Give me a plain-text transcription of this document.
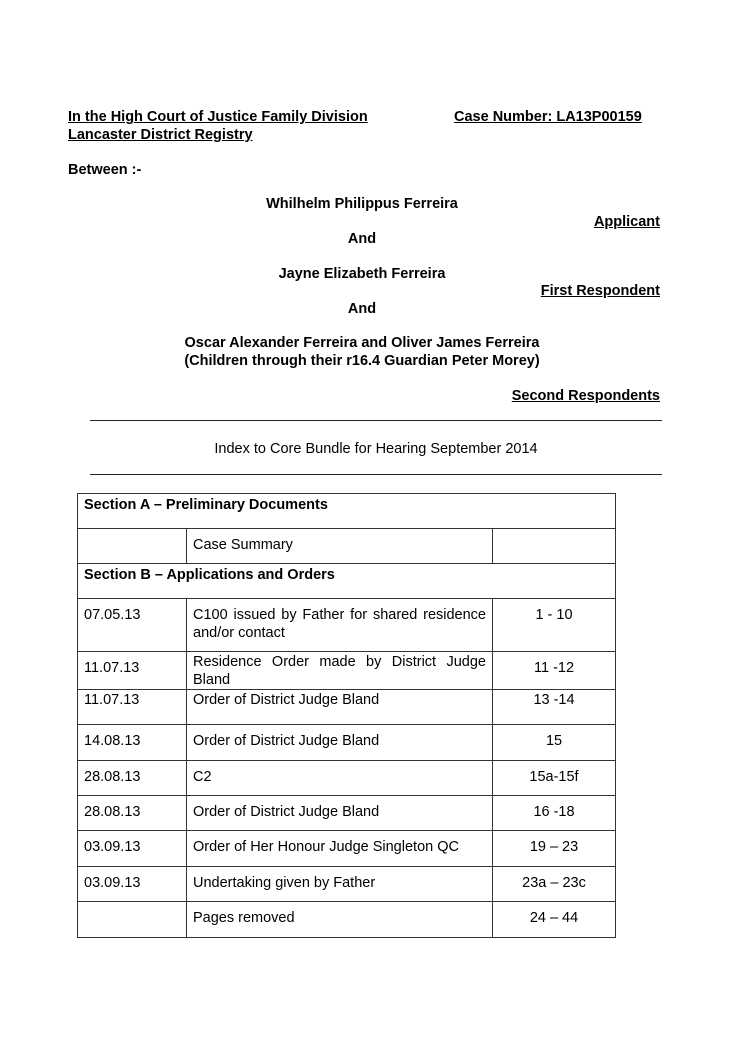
In the High Court of Justice Family Division
Lancaster District Registry
Case Number: LA13P00159
Between :-
Whilhelm Philippus Ferreira
Applicant
And
Jayne Elizabeth Ferreira
First Respondent
And
Oscar Alexander Ferreira and Oliver James Ferreira
(Children through their r16.4 Guardian Peter Morey)
Second Respondents
Index to Core Bundle for Hearing September 2014
Section A – Preliminary Documents		
	Case Summary	
Section B – Applications and Orders		
07.05.13	C100 issued by Father for shared residence and/or contact	1 - 10
11.07.13	Residence Order made by District Judge Bland	11 -12
11.07.13	Order of District Judge Bland	13 -14
14.08.13	Order of District Judge Bland	15
28.08.13	C2	15a-15f
28.08.13	Order of District Judge Bland	16 -18
03.09.13	Order of Her Honour Judge Singleton QC	19 – 23
03.09.13	Undertaking given by Father	23a – 23c
	Pages removed	24 – 44
